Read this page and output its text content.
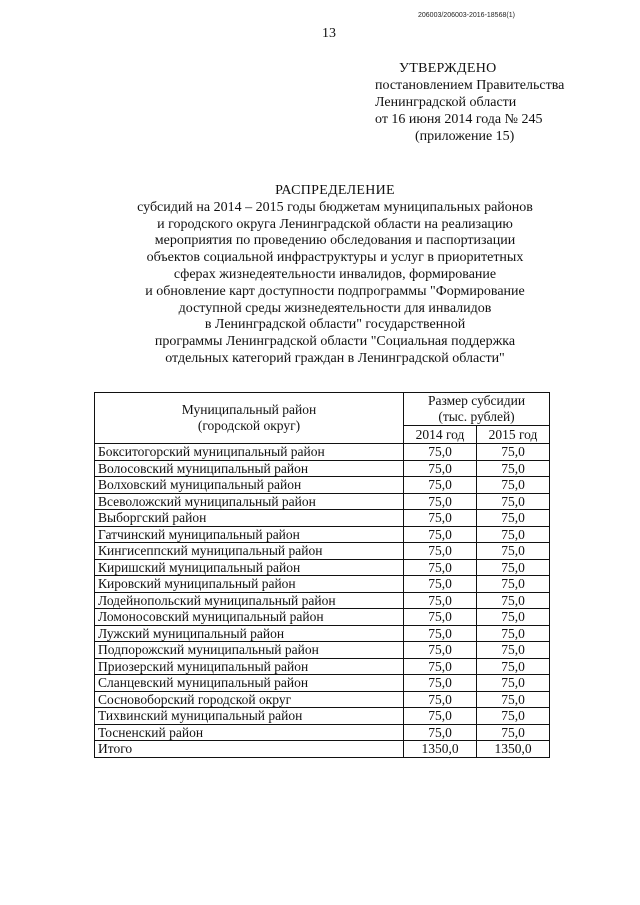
206003/206003-2016-18568(1)
13
УТВЕРЖДЕНО
постановлением Правительства
Ленинградской области
от 16 июня 2014 года № 245
(приложение 15)
РАСПРЕДЕЛЕНИЕ
субсидий на 2014 – 2015 годы бюджетам муниципальных районов
и городского округа Ленинградской области на реализацию
мероприятия по проведению обследования и паспортизации
объектов социальной инфраструктуры и услуг в приоритетных
сферах жизнедеятельности инвалидов, формирование
и обновление карт доступности подпрограммы "Формирование
доступной среды жизнедеятельности для инвалидов
в Ленинградской области" государственной
программы Ленинградской области "Социальная поддержка
отдельных категорий граждан в Ленинградской области"
Муниципальный район
(городской округ)	Размер субсидии
(тыс. рублей)	

	2014 год	2015 год
Бокситогорский муниципальный район	75,0	75,0
Волосовский муниципальный район	75,0	75,0
Волховский муниципальный район	75,0	75,0
Всеволожский муниципальный район	75,0	75,0
Выборгский район	75,0	75,0
Гатчинский муниципальный район	75,0	75,0
Кингисеппский муниципальный район	75,0	75,0
Киришский муниципальный район	75,0	75,0
Кировский муниципальный район	75,0	75,0
Лодейнопольский муниципальный район	75,0	75,0
Ломоносовский муниципальный район	75,0	75,0
Лужский муниципальный район	75,0	75,0
Подпорожский муниципальный район	75,0	75,0
Приозерский муниципальный район	75,0	75,0
Сланцевский муниципальный район	75,0	75,0
Сосновоборский городской округ	75,0	75,0
Тихвинский муниципальный район	75,0	75,0
Тосненский район	75,0	75,0
Итого	1350,0	1350,0
